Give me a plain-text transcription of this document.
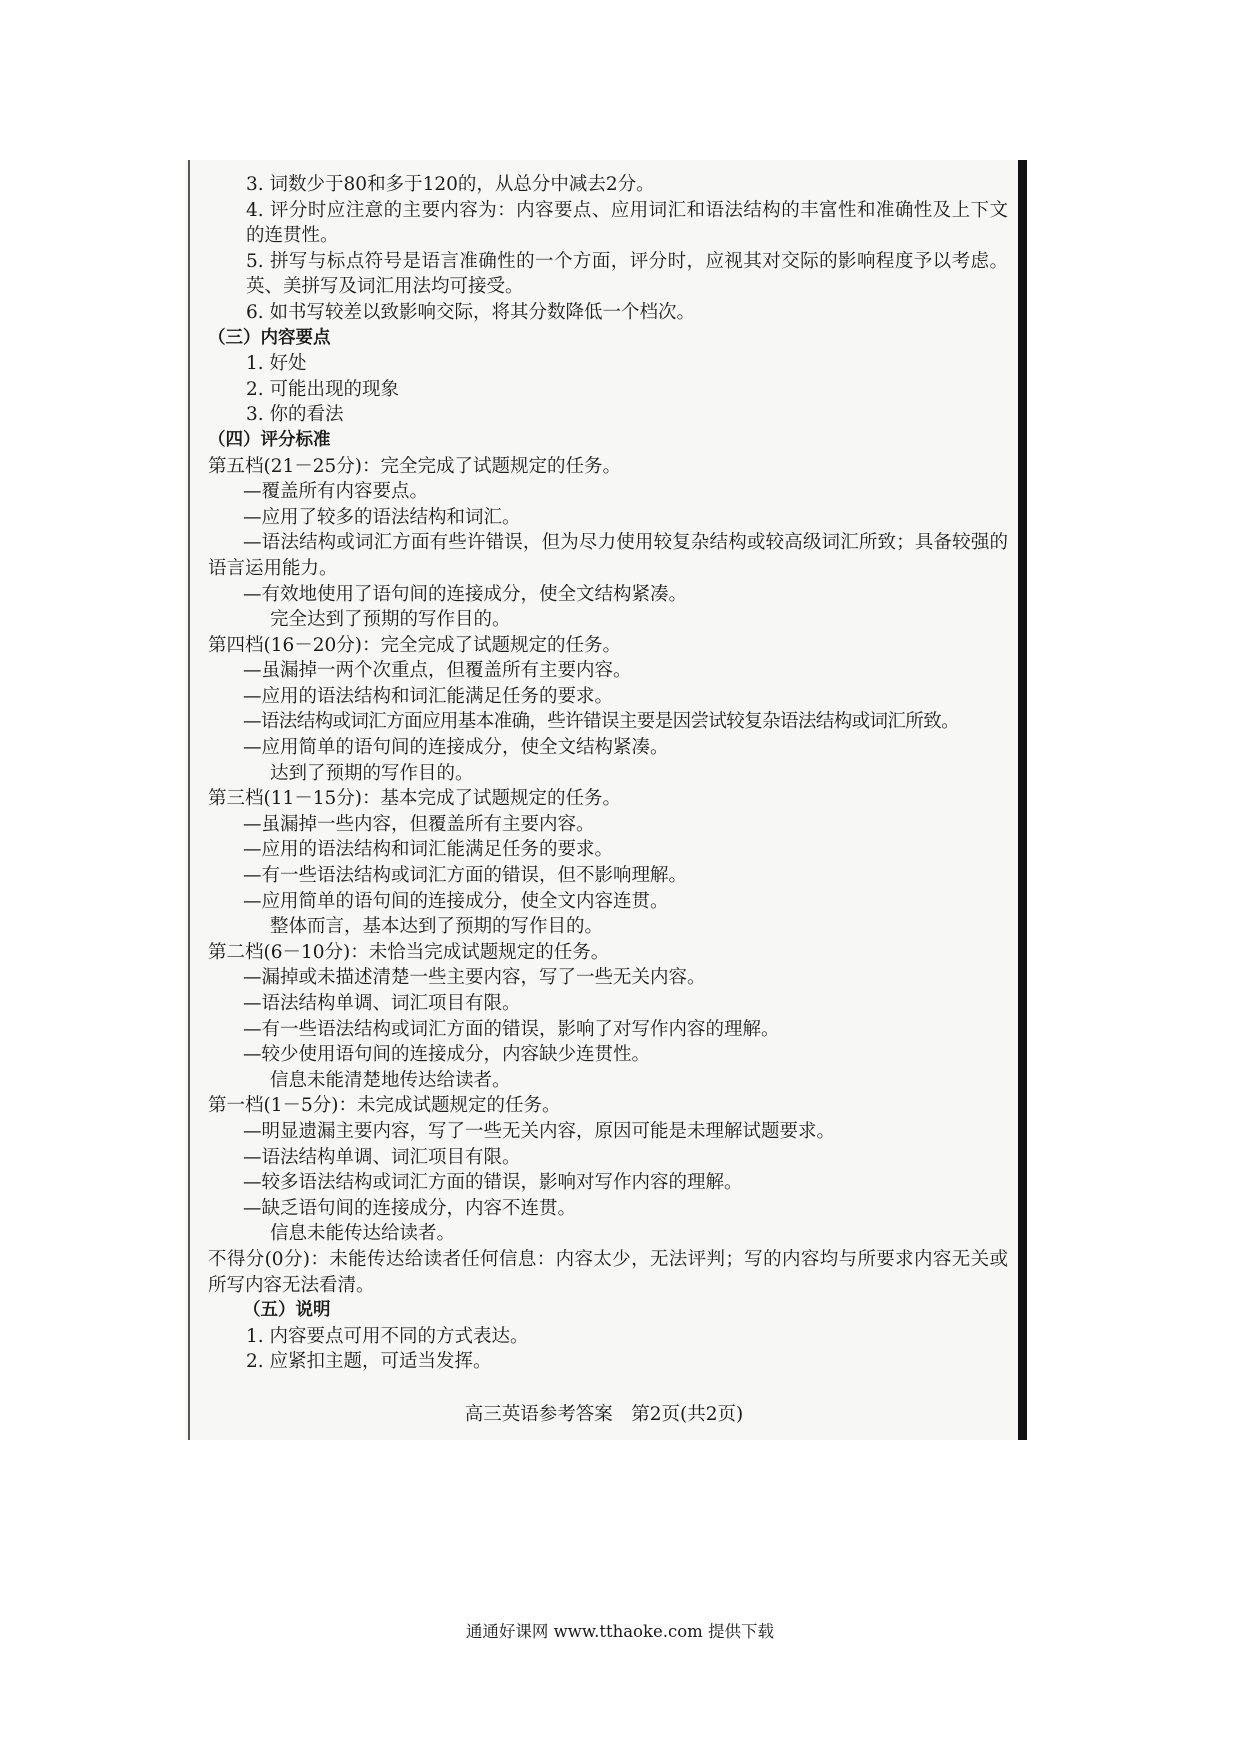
3. 词数少于80和多于120的，从总分中减去2分。

4. 评分时应注意的主要内容为：内容要点、应用词汇和语法结构的丰富性和准确性及上下文的连贯性。

5. 拼写与标点符号是语言准确性的一个方面，评分时，应视其对交际的影响程度予以考虑。英、美拼写及词汇用法均可接受。

6. 如书写较差以致影响交际，将其分数降低一个档次。

（三）内容要点

1. 好处

2. 可能出现的现象

3. 你的看法

（四）评分标准

第五档(21－25分)：完全完成了试题规定的任务。

—覆盖所有内容要点。

—应用了较多的语法结构和词汇。

—语法结构或词汇方面有些许错误，但为尽力使用较复杂结构或较高级词汇所致；具备较强的语言运用能力。

—有效地使用了语句间的连接成分，使全文结构紧凑。

完全达到了预期的写作目的。

第四档(16－20分)：完全完成了试题规定的任务。

—虽漏掉一两个次重点，但覆盖所有主要内容。

—应用的语法结构和词汇能满足任务的要求。

—语法结构或词汇方面应用基本准确，些许错误主要是因尝试较复杂语法结构或词汇所致。

—应用简单的语句间的连接成分，使全文结构紧凑。

达到了预期的写作目的。

第三档(11－15分)：基本完成了试题规定的任务。

—虽漏掉一些内容，但覆盖所有主要内容。

—应用的语法结构和词汇能满足任务的要求。

—有一些语法结构或词汇方面的错误，但不影响理解。

—应用简单的语句间的连接成分，使全文内容连贯。

整体而言，基本达到了预期的写作目的。

第二档(6－10分)：未恰当完成试题规定的任务。

—漏掉或未描述清楚一些主要内容，写了一些无关内容。

—语法结构单调、词汇项目有限。

—有一些语法结构或词汇方面的错误，影响了对写作内容的理解。

—较少使用语句间的连接成分，内容缺少连贯性。

信息未能清楚地传达给读者。

第一档(1－5分)：未完成试题规定的任务。

—明显遗漏主要内容，写了一些无关内容，原因可能是未理解试题要求。

—语法结构单调、词汇项目有限。

—较多语法结构或词汇方面的错误，影响对写作内容的理解。

—缺乏语句间的连接成分，内容不连贯。

信息未能传达给读者。

不得分(0分)：未能传达给读者任何信息：内容太少，无法评判；写的内容均与所要求内容无关或所写内容无法看清。

（五）说明

1. 内容要点可用不同的方式表达。

2. 应紧扣主题，可适当发挥。

高三英语参考答案　第2页(共2页)
通通好课网 www.tthaoke.com 提供下载
